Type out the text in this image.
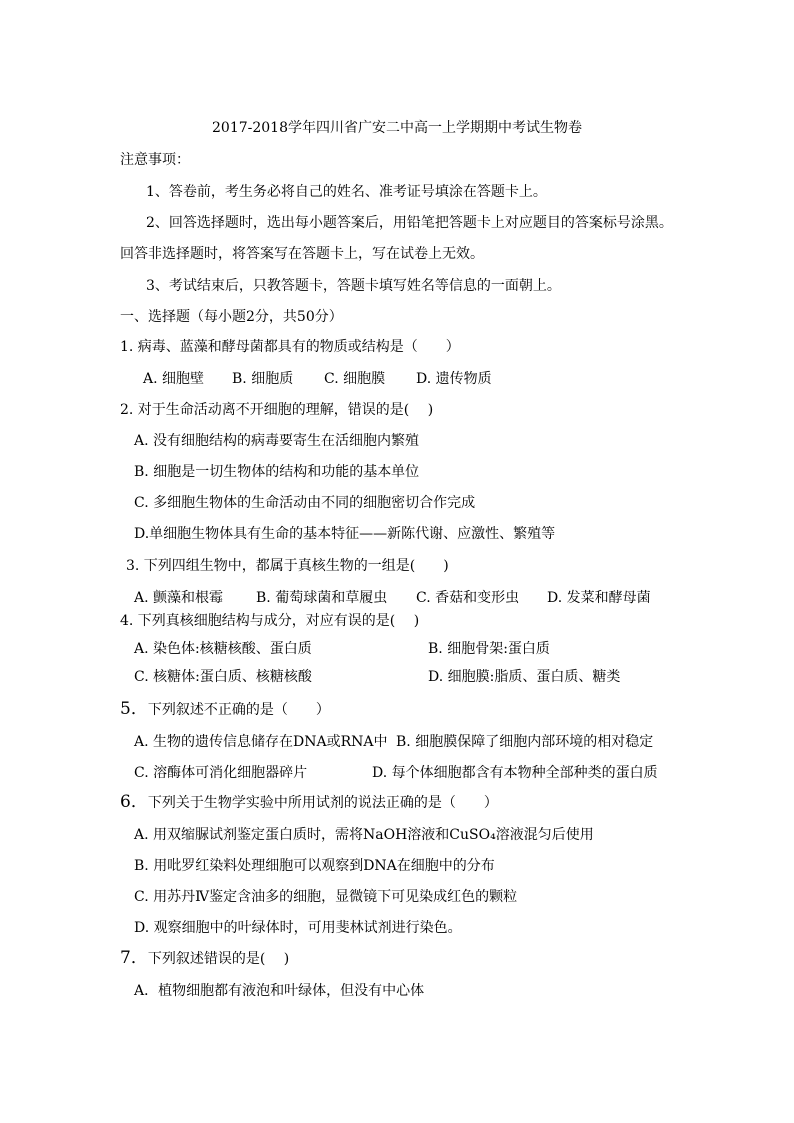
2017-2018学年四川省广安二中高一上学期期中考试生物卷
注意事项：
1、答卷前，考生务必将自己的姓名、准考证号填涂在答题卡上。
2、回答选择题时，选出每小题答案后，用铅笔把答题卡上对应题目的答案标号涂黑。
回答非选择题时，将答案写在答题卡上，写在试卷上无效。
3、考试结束后，只教答题卡，答题卡填写姓名等信息的一面朝上。
一、选择题（每小题2分，共50分）
1. 病毒、蓝藻和酵母菌都具有的物质或结构是（　　）
A. 细胞壁 B. 细胞质 C. 细胞膜 D. 遗传物质
2. 对于生命活动离不开细胞的理解，错误的是(　 )
A. 没有细胞结构的病毒要寄生在活细胞内繁殖
B. 细胞是一切生物体的结构和功能的基本单位
C. 多细胞生物体的生命活动由不同的细胞密切合作完成
D.单细胞生物体具有生命的基本特征——新陈代谢、应激性、繁殖等
3. 下列四组生物中，都属于真核生物的一组是(　　)
A. 颤藻和根霉 B. 葡萄球菌和草履虫 C. 香菇和变形虫 D. 发菜和酵母菌
4. 下列真核细胞结构与成分，对应有误的是(　 )
A. 染色体:核糖核酸、蛋白质	B. 细胞骨架:蛋白质
C. 核糖体:蛋白质、核糖核酸	D. 细胞膜:脂质、蛋白质、糖类
5．下列叙述不正确的是（　　）
A. 生物的遗传信息储存在DNA或RNA中 B. 细胞膜保障了细胞内部环境的相对稳定
C. 溶酶体可消化细胞器碎片	D. 每个体细胞都含有本物种全部种类的蛋白质
6．下列关于生物学实验中所用试剂的说法正确的是（　　）
A. 用双缩脲试剂鉴定蛋白质时，需将NaOH溶液和CuSO₄溶液混匀后使用
B. 用吡罗红染料处理细胞可以观察到DNA在细胞中的分布
C. 用苏丹Ⅳ鉴定含油多的细胞，显微镜下可见染成红色的颗粒
D. 观察细胞中的叶绿体时，可用斐林试剂进行染色。
7．下列叙述错误的是(　 )
A．植物细胞都有液泡和叶绿体，但没有中心体
